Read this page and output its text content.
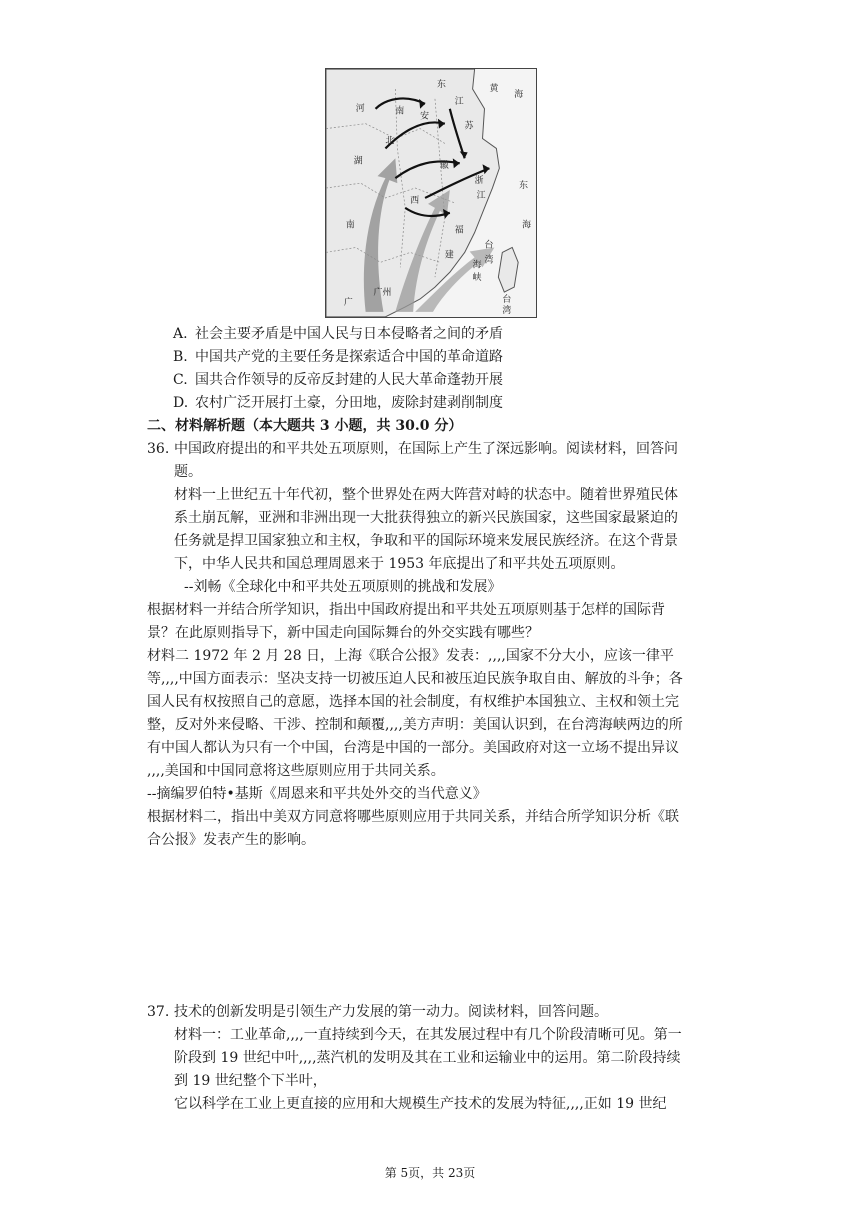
东	黄
海
河	南 安
江
苏
北
湖	徽
浙
江
东
海
西
福
台
湾
海
峡
建
南
广	台
湾
广州
A. 社会主要矛盾是中国人民与日本侵略者之间的矛盾
B. 中国共产党的主要任务是探索适合中国的革命道路
C. 国共合作领导的反帝反封建的人民大革命蓬勃开展
D. 农村广泛开展打土豪，分田地，废除封建剥削制度
二、材料解析题（本大题共 3 小题，共 30.0 分）
36. 中国政府提出的和平共处五项原则，在国际上产生了深远影响。阅读材料，回答问
题。
材料一上世纪五十年代初，整个世界处在两大阵营对峙的状态中。随着世界殖民体
系土崩瓦解，亚洲和非洲出现一大批获得独立的新兴民族国家，这些国家最紧迫的
任务就是捍卫国家独立和主权，争取和平的国际环境来发展民族经济。在这个背景
下，中华人民共和国总理周恩来于 1953 年底提出了和平共处五项原则。
--刘畅《全球化中和平共处五项原则的挑战和发展》
根据材料一并结合所学知识，指出中国政府提出和平共处五项原则基于怎样的国际背
景？在此原则指导下，新中国走向国际舞台的外交实践有哪些？
材料二 1972 年 2 月 28 日，上海《联合公报》发表：,,,,国家不分大小，应该一律平
等,,,,中国方面表示：坚决支持一切被压迫人民和被压迫民族争取自由、解放的斗争；各
国人民有权按照自己的意愿，选择本国的社会制度，有权维护本国独立、主权和领土完
整，反对外来侵略、干涉、控制和颠覆,,,,美方声明：美国认识到，在台湾海峡两边的所
有中国人都认为只有一个中国，台湾是中国的一部分。美国政府对这一立场不提出异议
,,,,美国和中国同意将这些原则应用于共同关系。
--摘编罗伯特•基斯《周恩来和平共处外交的当代意义》
根据材料二，指出中美双方同意将哪些原则应用于共同关系，并结合所学知识分析《联
合公报》发表产生的影响。
37. 技术的创新发明是引领生产力发展的第一动力。阅读材料，回答问题。
材料一：工业革命,,,,一直持续到今天，在其发展过程中有几个阶段清晰可见。第一
阶段到 19 世纪中叶,,,,蒸汽机的发明及其在工业和运输业中的运用。第二阶段持续
到 19 世纪整个下半叶，
它以科学在工业上更直接的应用和大规模生产技术的发展为特征,,,,正如 19 世纪
第 5页，共 23页
